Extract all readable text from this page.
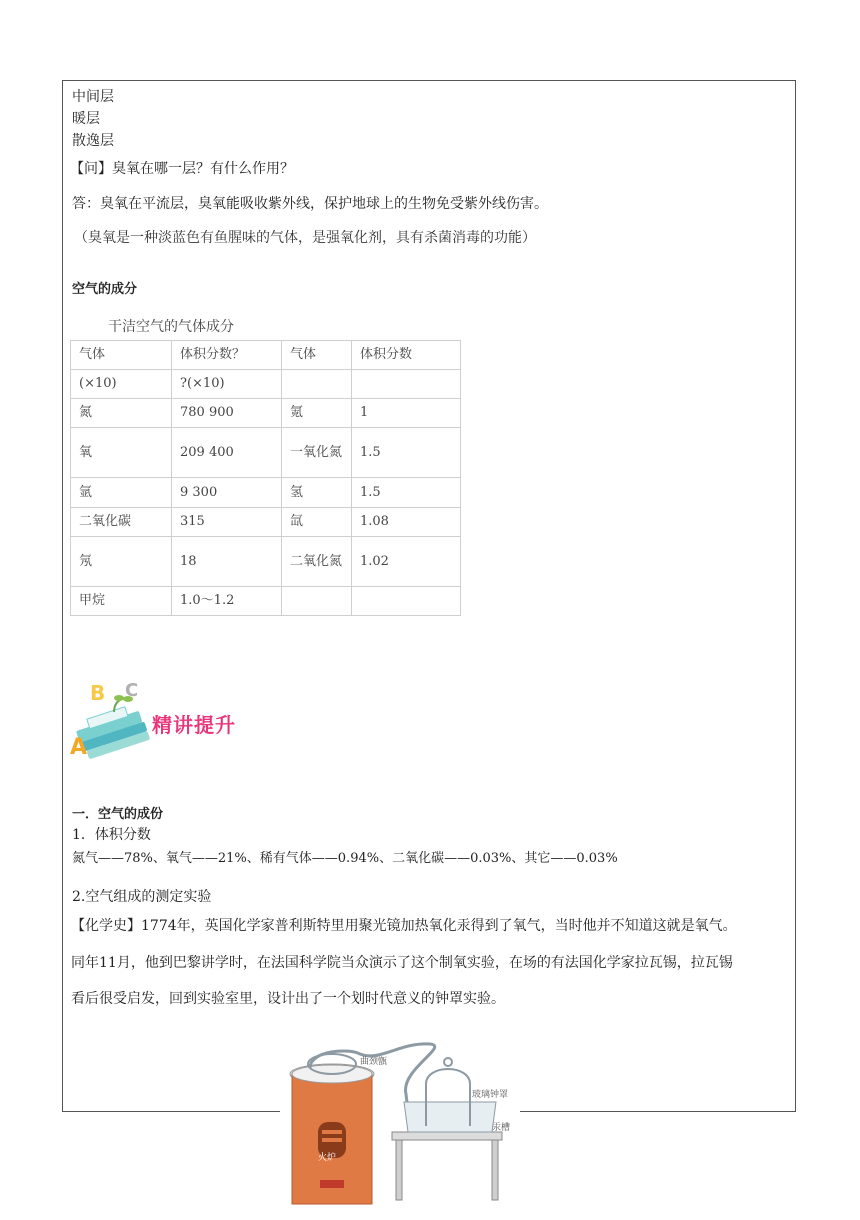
中间层
暖层
散逸层
【问】臭氧在哪一层？有什么作用？
答：臭氧在平流层，臭氧能吸收紫外线，保护地球上的生物免受紫外线伤害。
（臭氧是一种淡蓝色有鱼腥味的气体，是强氧化剂，具有杀菌消毒的功能）
空气的成分
干洁空气的气体成分
气体	体积分数？	气体	体积分数
(×10)	?(×10)		
氮	780 900	氪	1
氧	209 400	一氧化氮	1.5
氩	9 300	氢	1.5
二氧化碳	315	氙	1.08
氖	18	二氧化氮	1.02
甲烷	1.0～1.2		
A
B C
精讲提升
一．空气的成份
1．体积分数
氮气——78%、氧气——21%、稀有气体——0.94%、二氧化碳——0.03%、其它——0.03%
2.空气组成的测定实验
【化学史】1774年，英国化学家普利斯特里用聚光镜加热氧化汞得到了氧气，当时他并不知道这就是氧气。
同年11月，他到巴黎讲学时，在法国科学院当众演示了这个制氧实验，在场的有法国化学家拉瓦锡，拉瓦锡
看后很受启发，回到实验室里，设计出了一个划时代意义的钟罩实验。
曲颈甑
玻璃钟罩
汞槽
火炉
